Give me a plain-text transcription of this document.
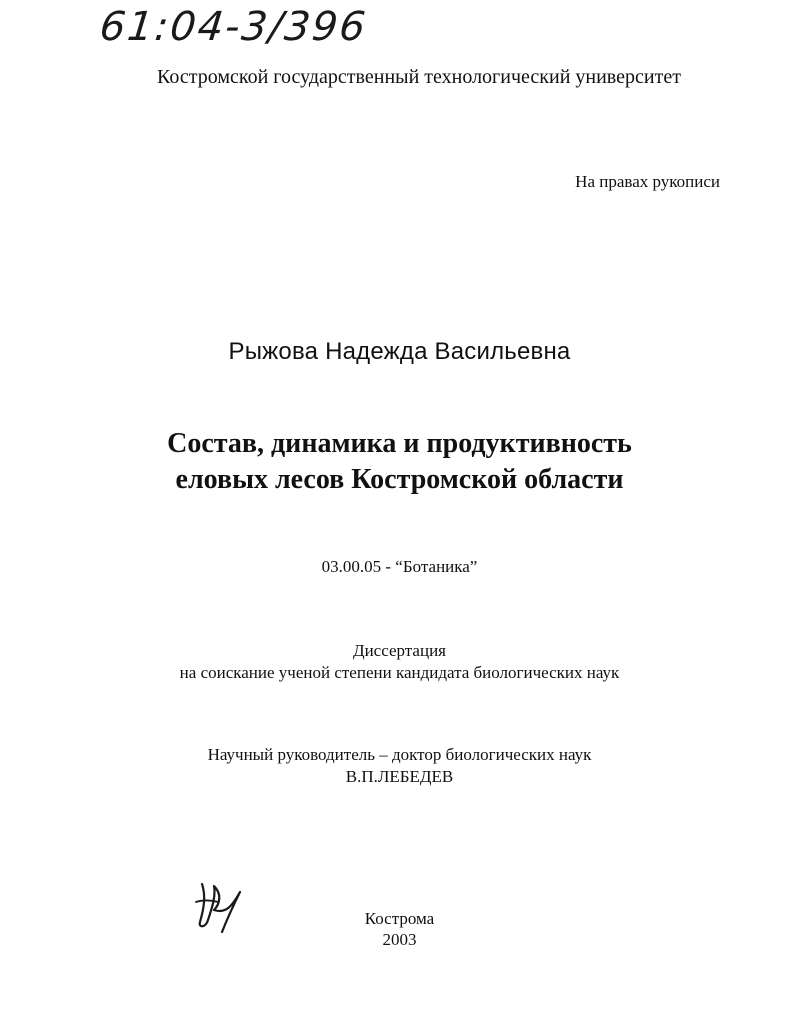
61:04-3/396
Костромской государственный технологический университет
На правах рукописи
Рыжова Надежда Васильевна
Состав, динамика и продуктивность
еловых лесов Костромской области
03.00.05 - “Ботаника”
Диссертация
на соискание ученой степени кандидата биологических наук
Научный руководитель – доктор биологических наук
В.П.ЛЕБЕДЕВ
Кострома
2003
